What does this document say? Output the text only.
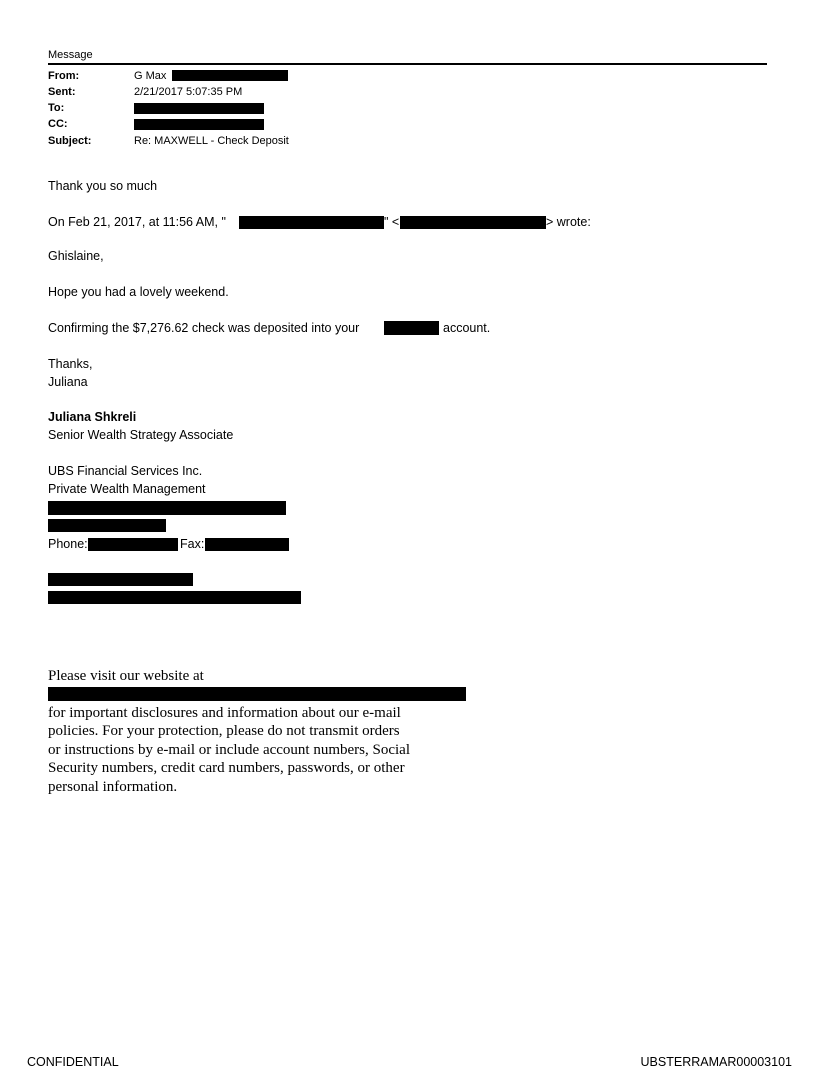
Message
From:	G Max
Sent:	2/21/2017 5:07:35 PM
To:
CC:
Subject:	Re: MAXWELL - Check Deposit
Thank you so much
On Feb 21, 2017, at 11:56 AM, "	" <	> wrote:
Ghislaine,
Hope you had a lovely weekend.
Confirming the $7,276.62 check was deposited into your	account.
Thanks,
Juliana
Juliana Shkreli
Senior Wealth Strategy Associate
UBS Financial Services Inc.
Private Wealth Management
Phone:	Fax:
Please visit our website at
for important disclosures and information about our e-mail
policies. For your protection, please do not transmit orders
or instructions by e-mail or include account numbers, Social
Security numbers, credit card numbers, passwords, or other
personal information.
CONFIDENTIAL	UBSTERRAMAR00003101
